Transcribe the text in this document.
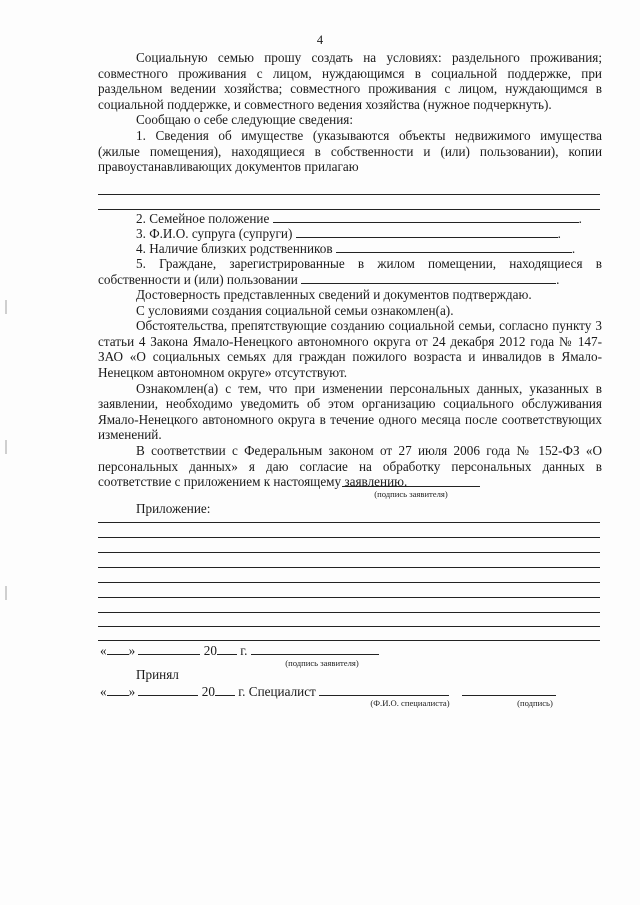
4

Социальную семью прошу создать на условиях: раздельного проживания; совместного проживания с лицом, нуждающимся в социальной поддержке, при раздельном ведении хозяйства; совместного проживания с лицом, нуждающимся в социальной поддержке, и совместного ведения хозяйства (нужное подчеркнуть).

Сообщаю о себе следующие сведения:

1. Сведения об имуществе (указываются объекты недвижимого имущества (жилые помещения), находящиеся в собственности и (или) пользовании), копии правоустанавливающих документов прилагаю

2. Семейное положение	.
3. Ф.И.О. супруга (супруги)	.
4. Наличие близких родственников	.

5. Граждане, зарегистрированные в жилом помещении, находящиеся в собственности и (или) пользовании	.

Достоверность представленных сведений и документов подтверждаю.

С условиями создания социальной семьи ознакомлен(а).

Обстоятельства, препятствующие созданию социальной семьи, согласно пункту 3 статьи 4 Закона Ямало-Ненецкого автономного округа от 24 декабря 2012 года № 147-ЗАО «О социальных семьях для граждан пожилого возраста и инвалидов в Ямало-Ненецком автономном округе» отсутствуют.

Ознакомлен(а) с тем, что при изменении персональных данных, указанных в заявлении, необходимо уведомить об этом организацию социального обслуживания Ямало-Ненецкого автономного округа в течение одного месяца после соответствующих изменений.

В соответствии с Федеральным законом от 27 июля 2006 года № 152-ФЗ «О персональных данных» я даю согласие на обработку персональных данных в соответствие с приложением к настоящему заявлению.

(подпись заявителя)
Приложение:
« »	20 г.
(подпись заявителя)
Принял
« »	20 г. Специалист
(Ф.И.О. специалиста)	(подпись)
